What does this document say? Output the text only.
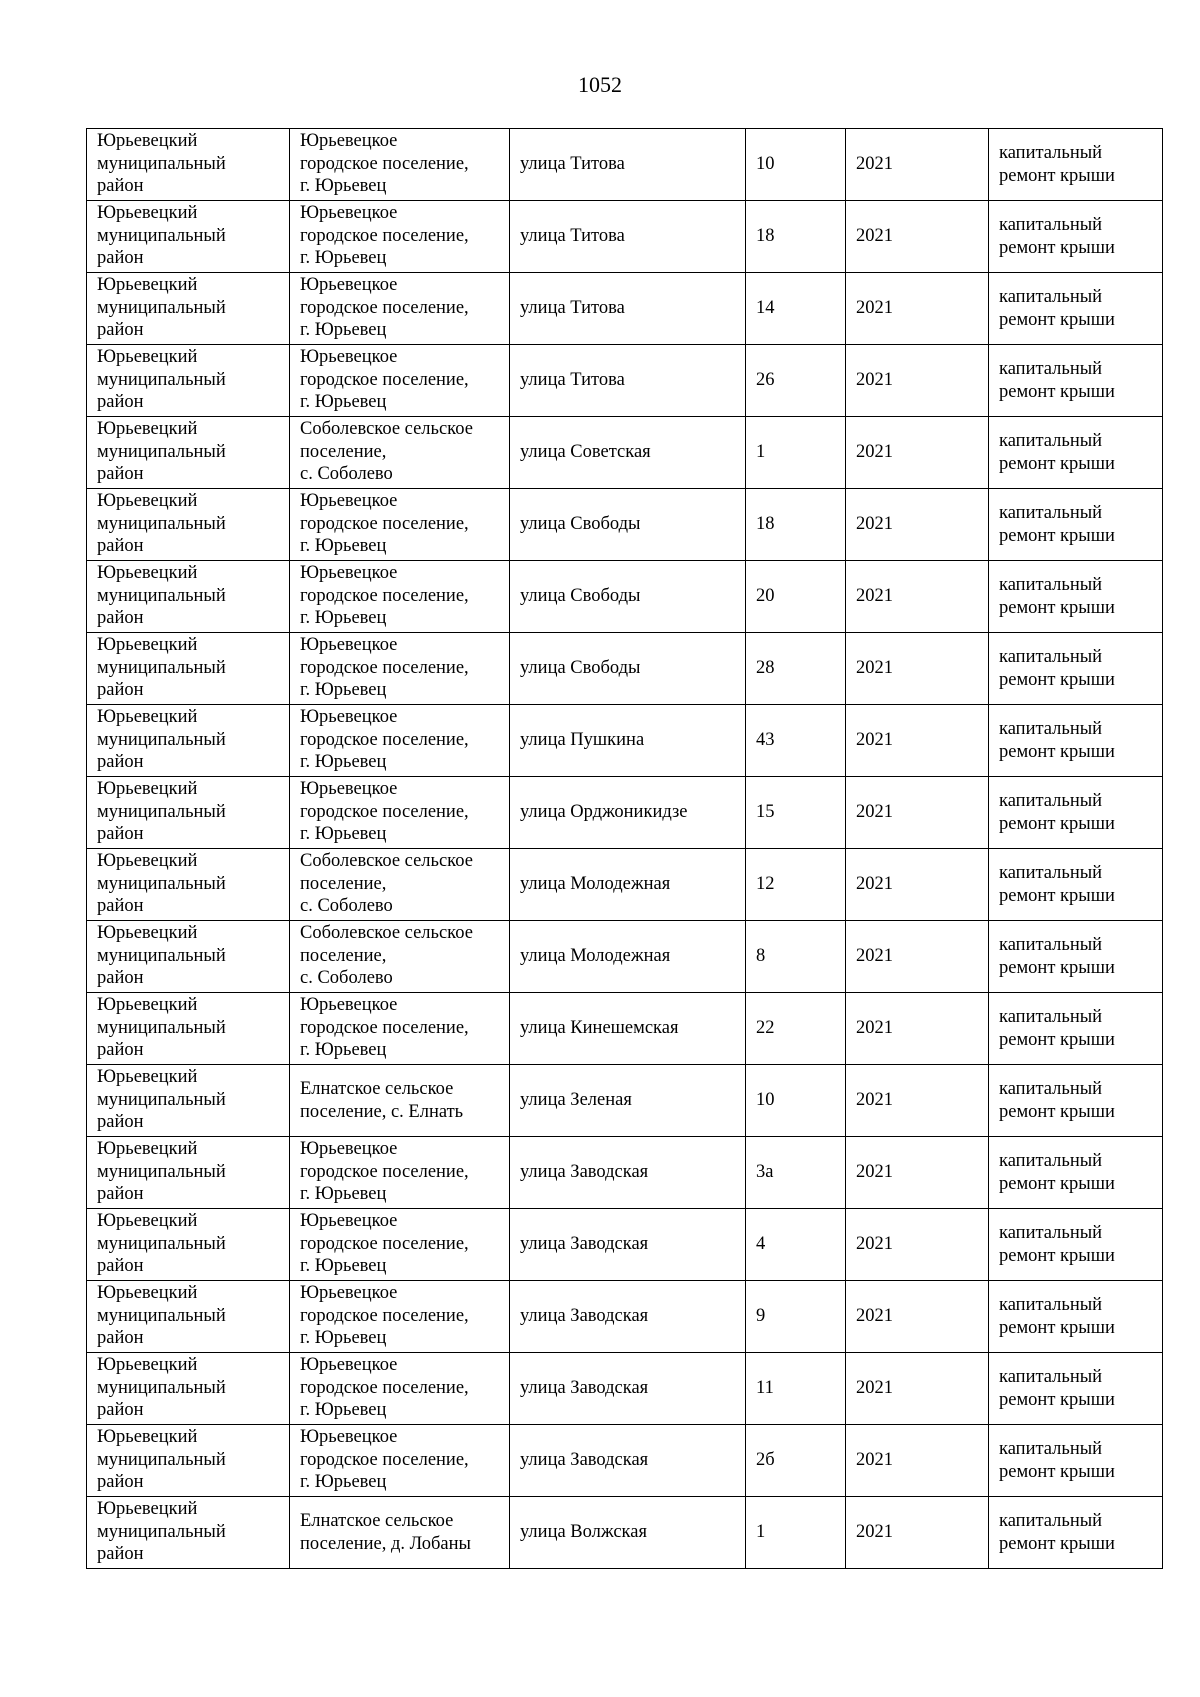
1052
Юрьевецкий
муниципальный
район	Юрьевецкое
городское поселение,
г. Юрьевец	улица Титова	10	2021	капитальный
ремонт крыши
Юрьевецкий
муниципальный
район	Юрьевецкое
городское поселение,
г. Юрьевец	улица Титова	18	2021	капитальный
ремонт крыши
Юрьевецкий
муниципальный
район	Юрьевецкое
городское поселение,
г. Юрьевец	улица Титова	14	2021	капитальный
ремонт крыши
Юрьевецкий
муниципальный
район	Юрьевецкое
городское поселение,
г. Юрьевец	улица Титова	26	2021	капитальный
ремонт крыши
Юрьевецкий
муниципальный
район	Соболевское сельское
поселение,
с. Соболево	улица Советская	1	2021	капитальный
ремонт крыши
Юрьевецкий
муниципальный
район	Юрьевецкое
городское поселение,
г. Юрьевец	улица Свободы	18	2021	капитальный
ремонт крыши
Юрьевецкий
муниципальный
район	Юрьевецкое
городское поселение,
г. Юрьевец	улица Свободы	20	2021	капитальный
ремонт крыши
Юрьевецкий
муниципальный
район	Юрьевецкое
городское поселение,
г. Юрьевец	улица Свободы	28	2021	капитальный
ремонт крыши
Юрьевецкий
муниципальный
район	Юрьевецкое
городское поселение,
г. Юрьевец	улица Пушкина	43	2021	капитальный
ремонт крыши
Юрьевецкий
муниципальный
район	Юрьевецкое
городское поселение,
г. Юрьевец	улица Орджоникидзе	15	2021	капитальный
ремонт крыши
Юрьевецкий
муниципальный
район	Соболевское сельское
поселение,
с. Соболево	улица Молодежная	12	2021	капитальный
ремонт крыши
Юрьевецкий
муниципальный
район	Соболевское сельское
поселение,
с. Соболево	улица Молодежная	8	2021	капитальный
ремонт крыши
Юрьевецкий
муниципальный
район	Юрьевецкое
городское поселение,
г. Юрьевец	улица Кинешемская	22	2021	капитальный
ремонт крыши
Юрьевецкий
муниципальный
район	Елнатское сельское
поселение, с. Елнать	улица Зеленая	10	2021	капитальный
ремонт крыши
Юрьевецкий
муниципальный
район	Юрьевецкое
городское поселение,
г. Юрьевец	улица Заводская	3а	2021	капитальный
ремонт крыши
Юрьевецкий
муниципальный
район	Юрьевецкое
городское поселение,
г. Юрьевец	улица Заводская	4	2021	капитальный
ремонт крыши
Юрьевецкий
муниципальный
район	Юрьевецкое
городское поселение,
г. Юрьевец	улица Заводская	9	2021	капитальный
ремонт крыши
Юрьевецкий
муниципальный
район	Юрьевецкое
городское поселение,
г. Юрьевец	улица Заводская	11	2021	капитальный
ремонт крыши
Юрьевецкий
муниципальный
район	Юрьевецкое
городское поселение,
г. Юрьевец	улица Заводская	2б	2021	капитальный
ремонт крыши
Юрьевецкий
муниципальный
район	Елнатское сельское
поселение, д. Лобаны	улица Волжская	1	2021	капитальный
ремонт крыши
